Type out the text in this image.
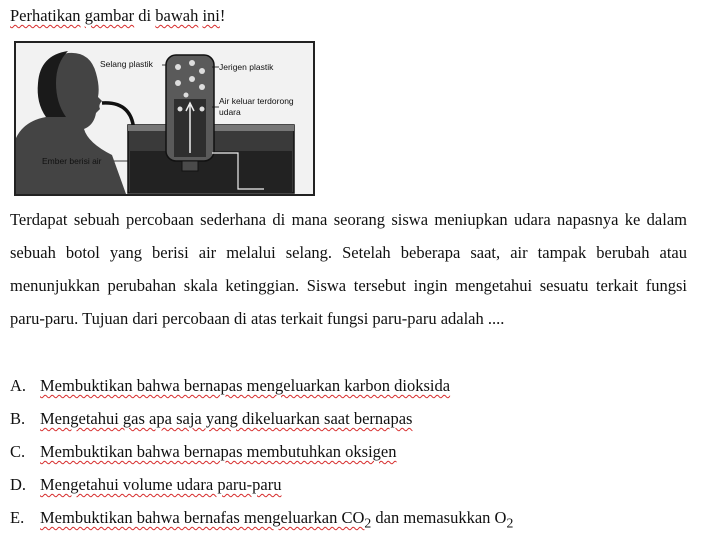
Perhatikan gambar di bawah ini!
Selang plastik	Jerigen plastik
Air keluar terdorong
udara
Ember berisi air
Terdapat sebuah percobaan sederhana di mana seorang siswa meniupkan udara napasnya ke dalam sebuah botol yang berisi air melalui selang. Setelah beberapa saat, air tampak berubah atau menunjukkan perubahan skala ketinggian. Siswa tersebut ingin mengetahui sesuatu terkait fungsi paru-paru. Tujuan dari percobaan di atas terkait fungsi paru-paru adalah ....
A. Membuktikan bahwa bernapas mengeluarkan karbon dioksida
B. Mengetahui gas apa saja yang dikeluarkan saat bernapas
C. Membuktikan bahwa bernapas membutuhkan oksigen
D. Mengetahui volume udara paru-paru
E. Membuktikan bahwa bernafas mengeluarkan $CO_2$ dan memasukkan $O_2$
